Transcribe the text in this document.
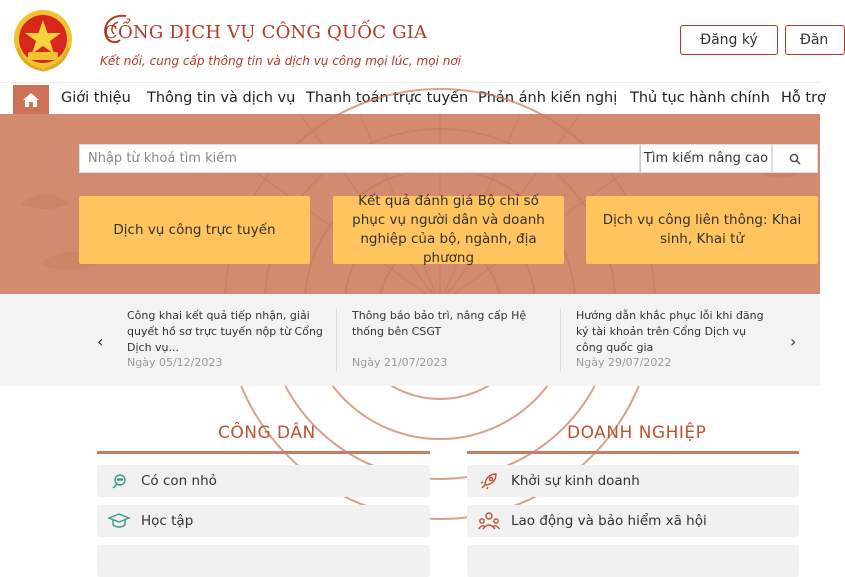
CỔNG DỊCH VỤ CÔNG QUỐC GIA
Kết nối, cung cấp thông tin và dịch vụ công mọi lúc, mọi nơi
Đăng ký	Đăn
Giới thiệu Thông tin và dịch vụ Thanh toán trực tuyến Phản ánh kiến nghị Thủ tục hành chính Hỗ trợ
Nhập từ khoá tìm kiếm
Tìm kiếm nâng cao
Dịch vụ công trực tuyến
Kết quả đánh giá Bộ chỉ số phục vụ người dân và doanh nghiệp của bộ, ngành, địa phương
Dịch vụ công liên thông: Khai sinh, Khai tử
‹
Công khai kết quả tiếp nhận, giải quyết hồ sơ trực tuyến nộp từ Cổng Dịch vụ...
Ngày 05/12/2023
Thông báo bảo trì, nâng cấp Hệ thống bên CSGT
Ngày 21/07/2023
Hướng dẫn khắc phục lỗi khi đăng ký tài khoản trên Cổng Dịch vụ công quốc gia
Ngày 29/07/2022
›
CÔNG DÂN
Có con nhỏ
Học tập
DOANH NGHIỆP
Khởi sự kinh doanh
Lao động và bảo hiểm xã hội
